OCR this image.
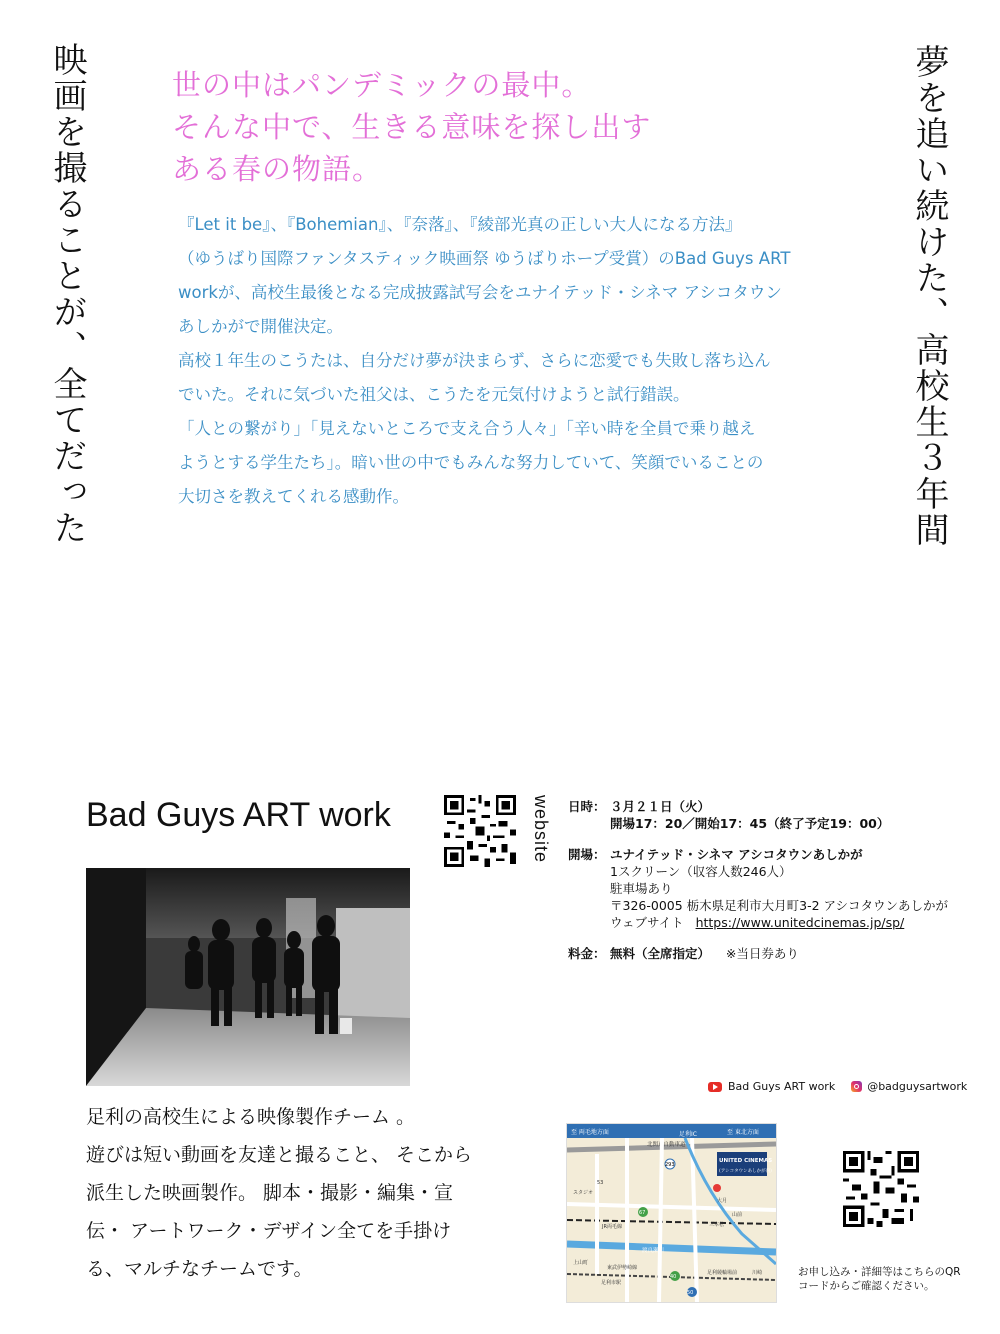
映画を撮ることが、全てだった	夢を追い続けた、高校生３年間
世の中はパンデミックの最中。
そんな中で、生きる意味を探し出す
ある春の物語。
『Let it be』、『Bohemian』、『奈落』、『綾部光真の正しい大人になる方法』
（ゆうばり国際ファンタスティック映画祭 ゆうばりホープ受賞）のBad Guys ART
workが、高校生最後となる完成披露試写会をユナイテッド・シネマ アシコタウン
あしかがで開催決定。
高校１年生のこうたは、自分だけ夢が決まらず、さらに恋愛でも失敗し落ち込ん
でいた。それに気づいた祖父は、こうたを元気付けようと試行錯誤。
「人との繋がり」「見えないところで支え合う人々」「辛い時を全員で乗り越え
ようとする学生たち」。暗い世の中でもみんな努力していて、笑顔でいることの
大切さを教えてくれる感動作。
Bad Guys ART work	website 日時： ３月２１日（火）
開場17：20／開始17：45（終了予定19：00）
開場： ユナイテッド・シネマ アシコタウンあしかが
1スクリーン（収容人数246人）
駐車場あり
〒326-0005 栃木県足利市大月町3-2 アシコタウンあしかが
ウェブサイト https://www.unitedcinemas.jp/sp/
料金： 無料（全席指定） ※当日券あり
Bad Guys ART work	@badguysartwork
足利の高校生による映像製作チーム 。
遊びは短い動画を友達と撮ること、 そこから
派生した映画製作。 脚本・撮影・編集・宣
伝・ アートワーク・デザイン全てを手掛け
る、マルチなチームです。
至 両毛地方面	至 東北方面
北関東自動車道
渡良瀬川
UNITED CINEMAS
(アシコタウンあしかが内)
足利IC
293
67
50
40
JR両毛線
東武伊勢崎線
大月
山前
足利競輪場前
三本松
川崎
53
上山町
スタジオ
足利市駅
お申し込み・詳細等はこちらのQR
コードからご確認ください。
